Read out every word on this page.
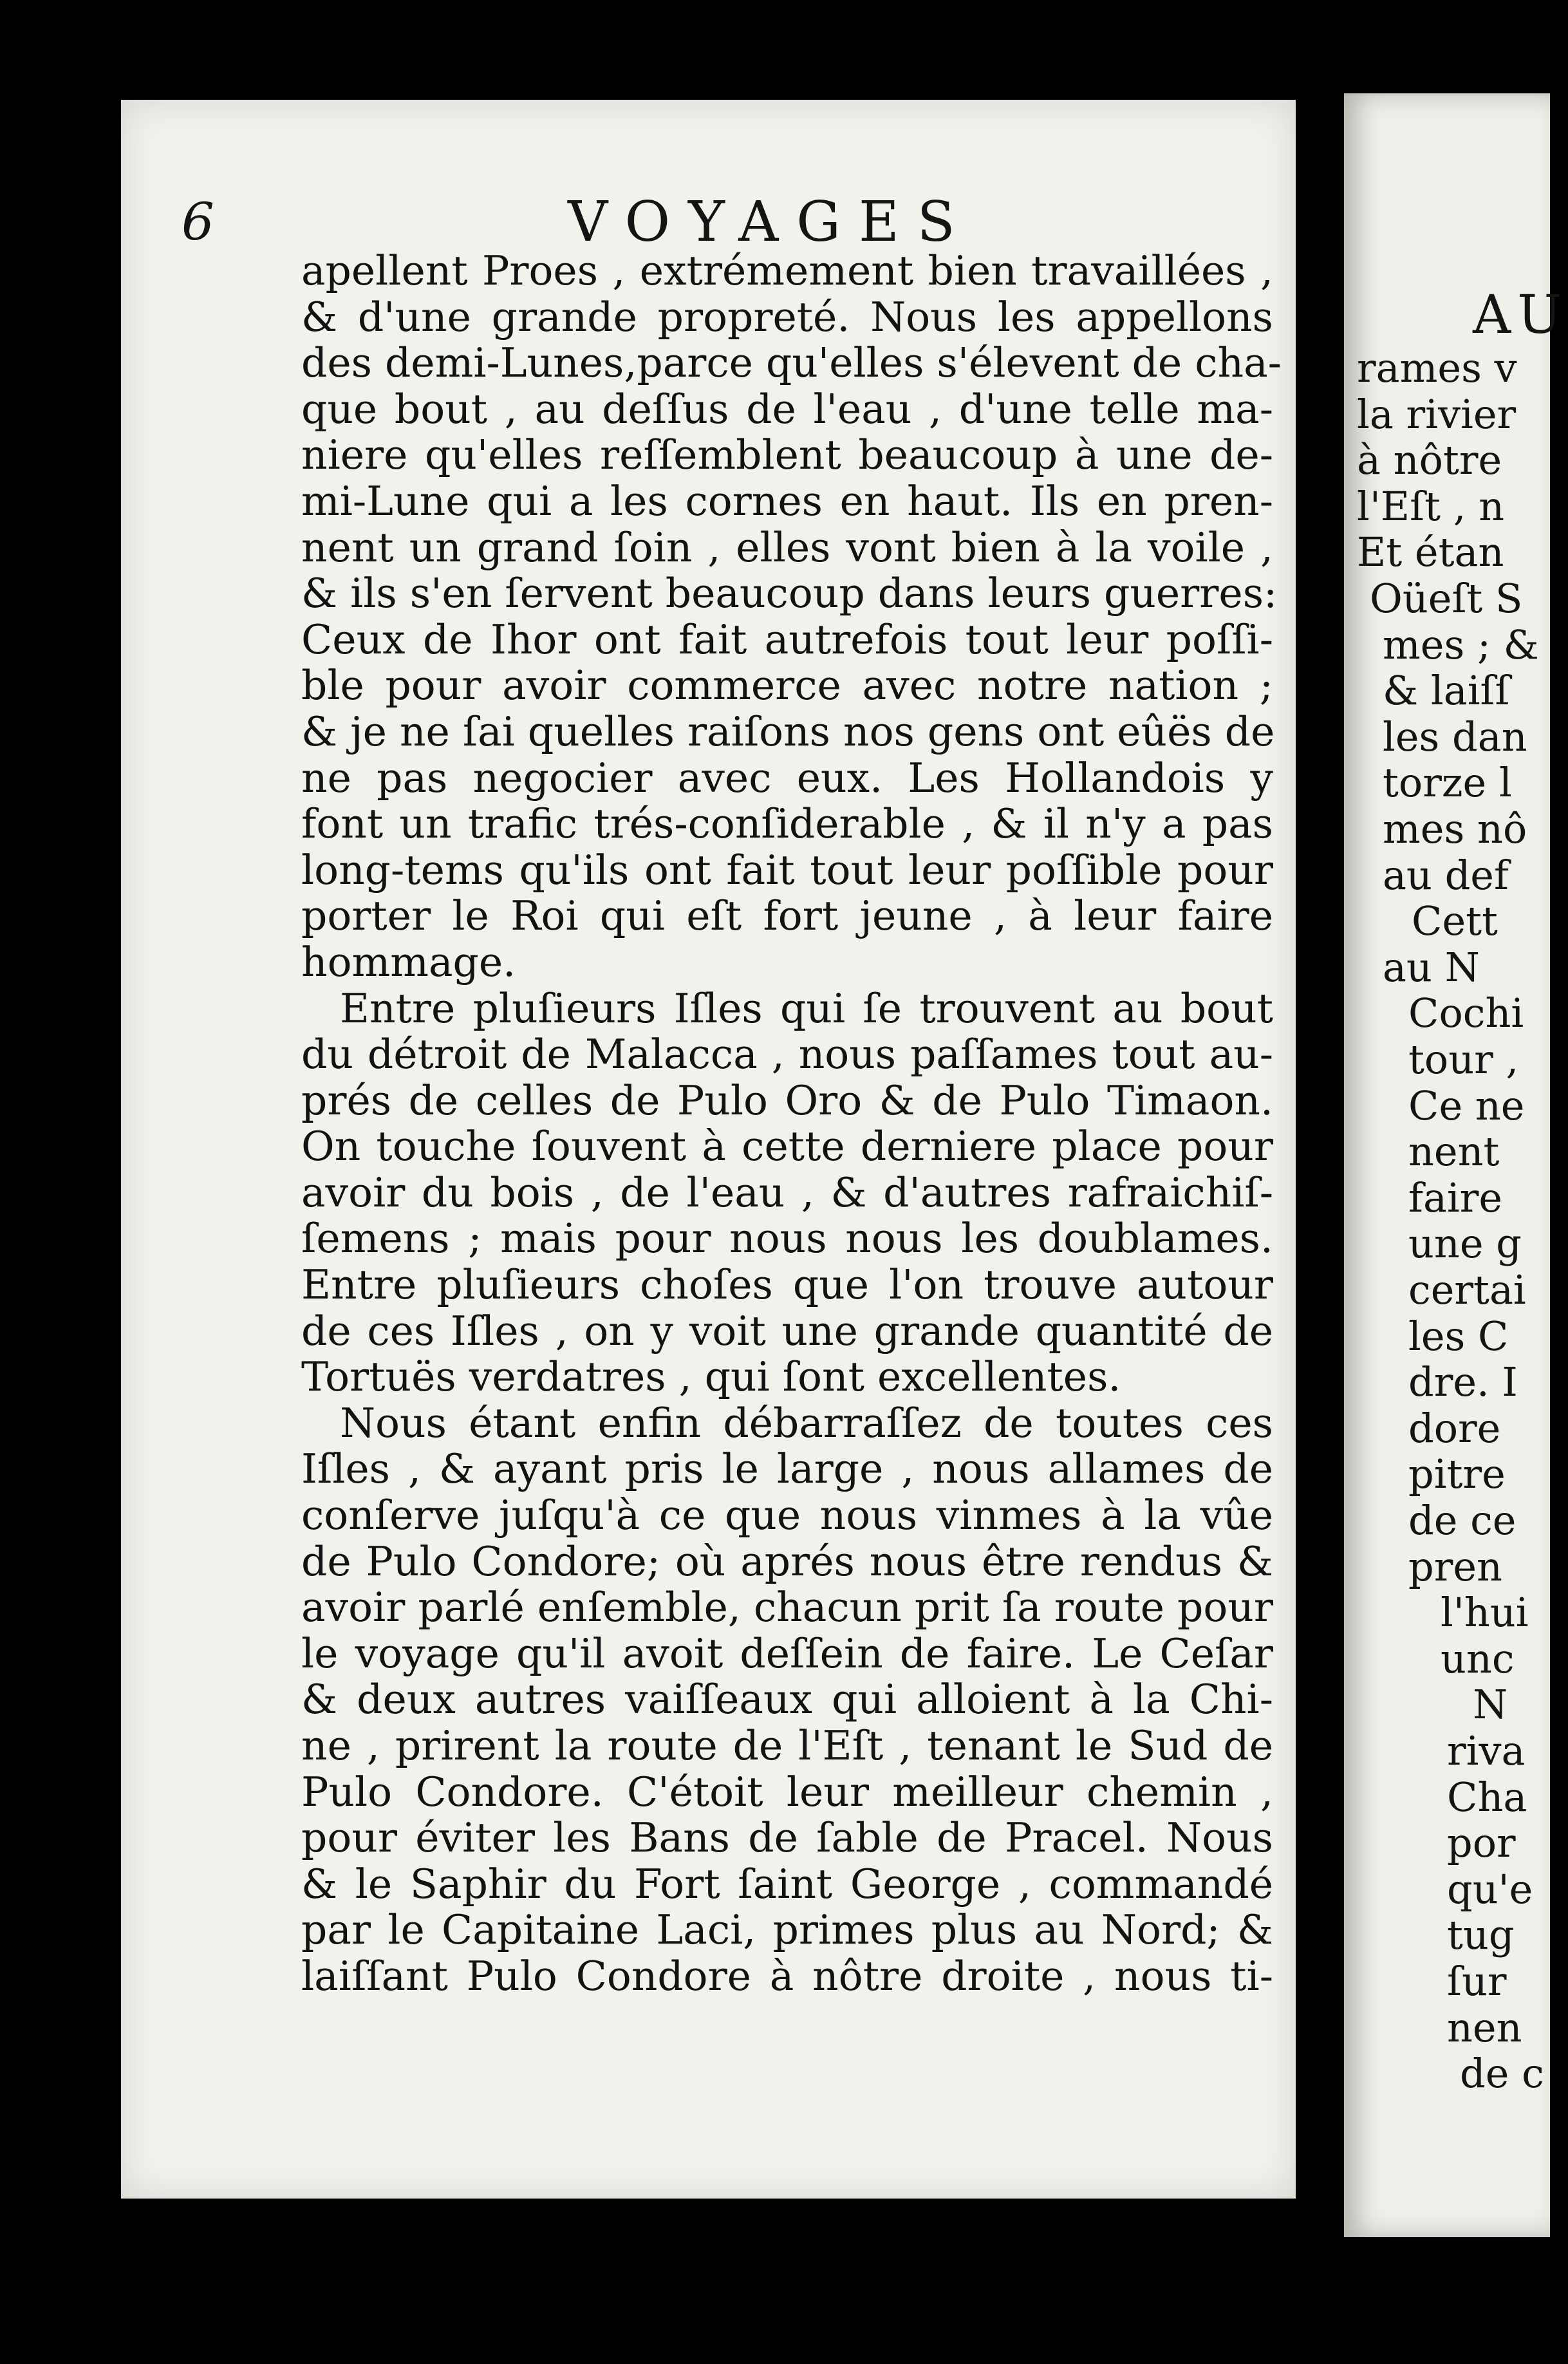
AU
rames v
la rivier
à nôtre
l'Eſt , n
Et étan
Oüeſt S
mes ; &
& laiſſ
les dan
torze l
mes nô
au def
Cett
au N
Cochi
tour ,
Ce ne
nent
faire
une g
certai
les C
dre. I
dore
pitre
de ce
pren
l'hui
unc
N
riva
Cha
por
qu'e
tug
ſur
nen
de c
6	VOYAGES
apellent Proes , extrémement bien travaillées ,
& d'une grande propreté. Nous les appellons
des demi-Lunes,parce qu'elles s'élevent de cha-
que bout , au deſſus de l'eau , d'une telle ma-
niere qu'elles reſſemblent beaucoup à une de-
mi-Lune qui a les cornes en haut. Ils en pren-
nent un grand ſoin , elles vont bien à la voile ,
& ils s'en ſervent beaucoup dans leurs guerres:
Ceux de Ihor ont fait autrefois tout leur poſſi-
ble pour avoir commerce avec notre nation ;
& je ne ſai quelles raiſons nos gens ont eûës de
ne pas negocier avec eux. Les Hollandois y
font un trafic trés-conſiderable , & il n'y a pas
long-tems qu'ils ont fait tout leur poſſible pour
porter le Roi qui eſt fort jeune , à leur faire
hommage.
Entre pluſieurs Iſles qui ſe trouvent au bout
du détroit de Malacca , nous paſſames tout au-
prés de celles de Pulo Oro & de Pulo Timaon.
On touche ſouvent à cette derniere place pour
avoir du bois , de l'eau , & d'autres rafraichiſ-
ſemens ; mais pour nous nous les doublames.
Entre pluſieurs choſes que l'on trouve autour
de ces Iſles , on y voit une grande quantité de
Tortuës verdatres , qui ſont excellentes.
Nous étant enfin débarraſſez de toutes ces
Iſles , & ayant pris le large , nous allames de
conſerve juſqu'à ce que nous vinmes à la vûe
de Pulo Condore; où aprés nous être rendus &
avoir parlé enſemble, chacun prit ſa route pour
le voyage qu'il avoit deſſein de faire. Le Ceſar
& deux autres vaiſſeaux qui alloient à la Chi-
ne , prirent la route de l'Eſt , tenant le Sud de
Pulo Condore. C'étoit leur meilleur chemin ,
pour éviter les Bans de ſable de Pracel. Nous
& le Saphir du Fort ſaint George , commandé
par le Capitaine Laci, primes plus au Nord; &
laiſſant Pulo Condore à nôtre droite , nous ti-
